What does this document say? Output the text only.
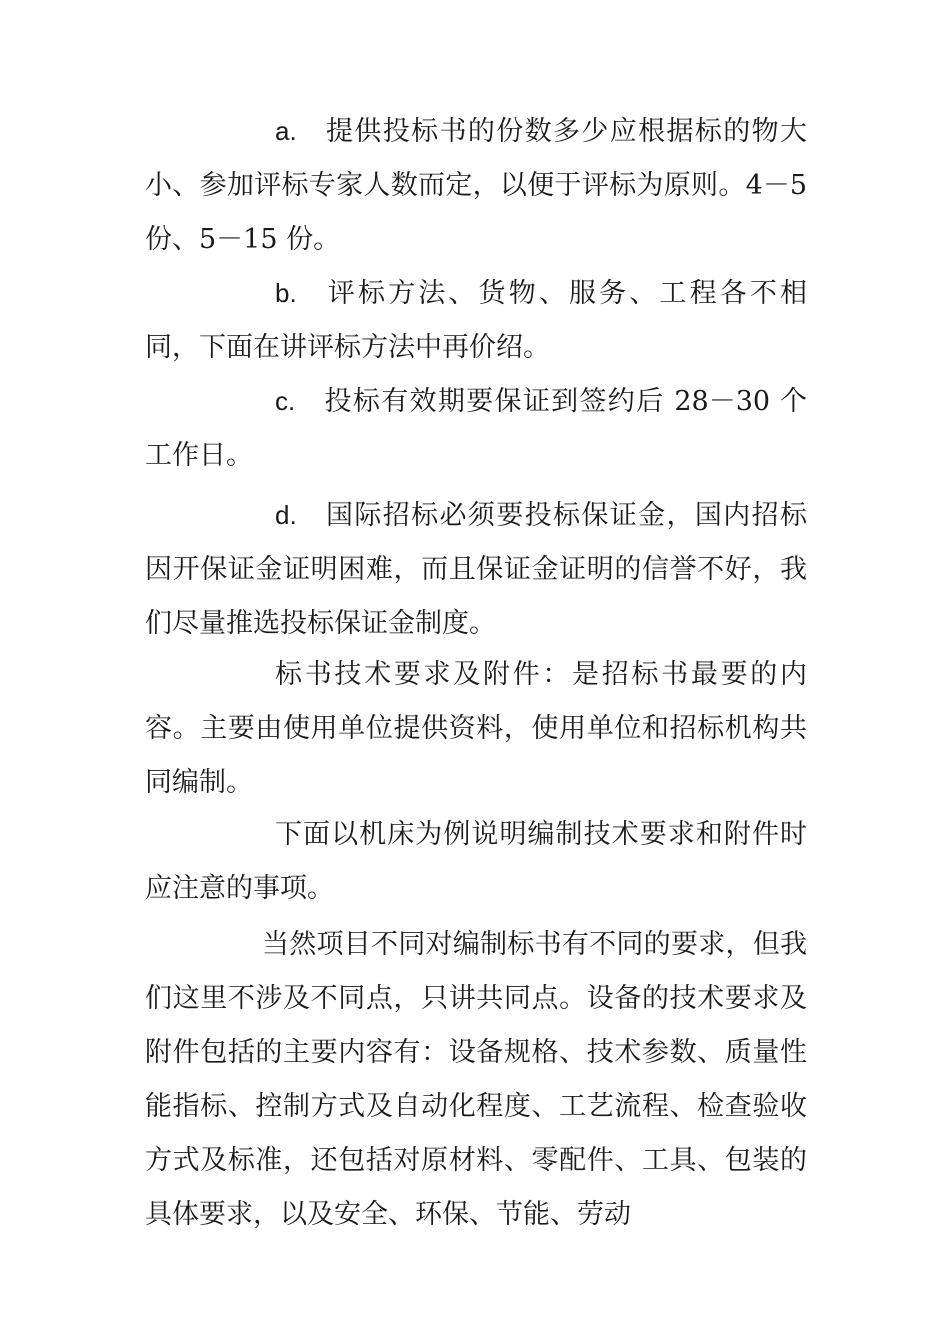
a. 提供投标书的份数多少应根据标的物大小、参加评标专家人数而定，以便于评标为原则。4－5 份、5－15 份。

b. 评标方法、货物、服务、工程各不相同，下面在讲评标方法中再价绍。

c. 投标有效期要保证到签约后 28－30 个工作日。

d. 国际招标必须要投标保证金，国内招标因开保证金证明困难，而且保证金证明的信誉不好，我们尽量推选投标保证金制度。

标书技术要求及附件：是招标书最要的内容。主要由使用单位提供资料，使用单位和招标机构共同编制。

下面以机床为例说明编制技术要求和附件时应注意的事项。

当然项目不同对编制标书有不同的要求，但我们这里不涉及不同点，只讲共同点。设备的技术要求及附件包括的主要内容有：设备规格、技术参数、质量性能指标、控制方式及自动化程度、工艺流程、检查验收方式及标准，还包括对原材料、零配件、工具、包装的具体要求，以及安全、环保、节能、劳动
